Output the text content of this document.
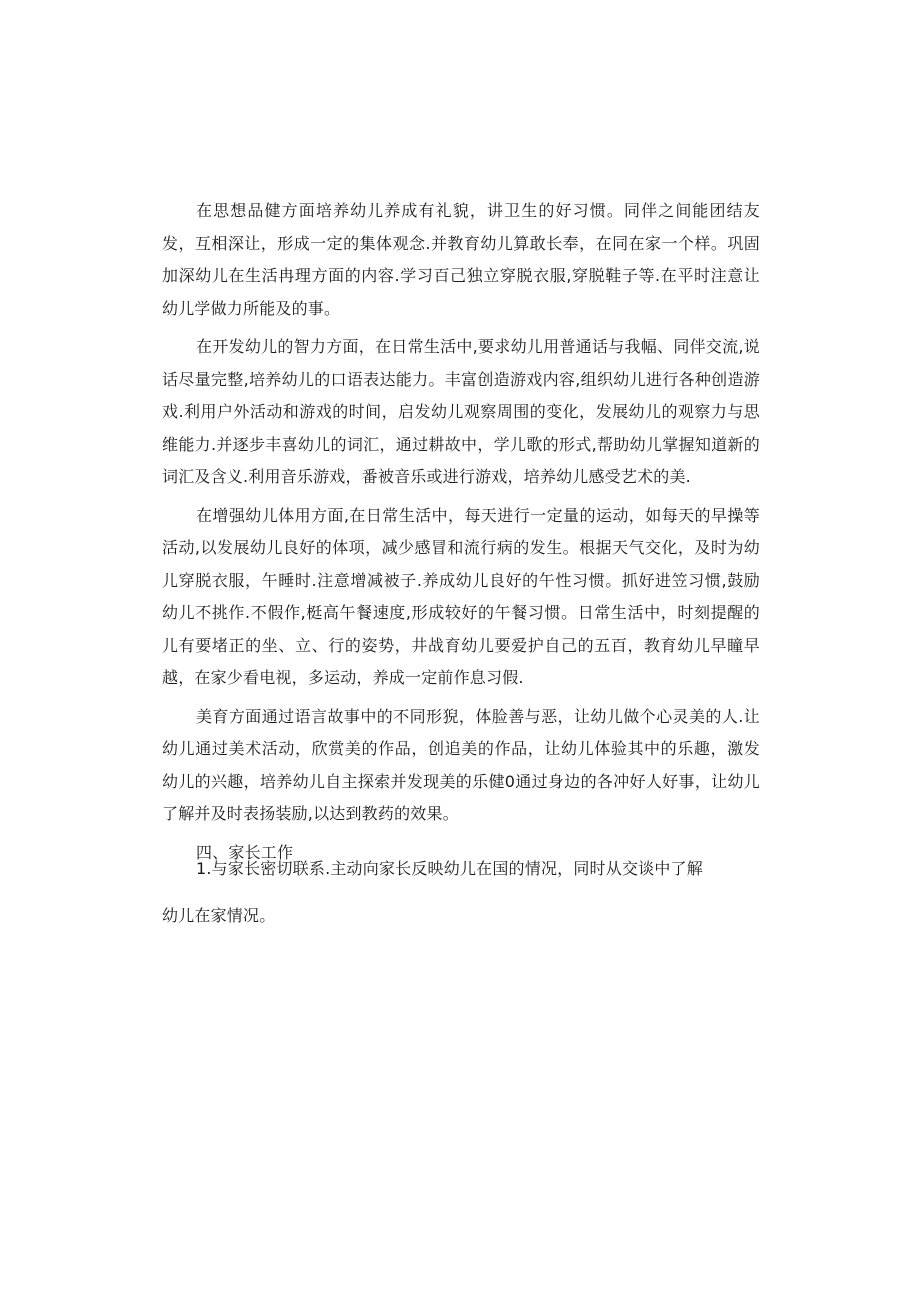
在思想品健方面培养幼儿养成有礼貌，讲卫生的好习惯。同伴之间能团结友发，互相深让，形成一定的集体观念.并教育幼儿算敢长奉，在同在家一个样。巩固加深幼儿在生活冉理方面的内容.学习百己独立穿脱衣服,穿脱鞋子等.在平时注意让幼儿学做力所能及的事。

在开发幼儿的智力方面，在日常生活中,要求幼儿用普通话与我幅、同伴交流,说话尽量完整,培养幼儿的口语表达能力。丰富创造游戏内容,组织幼儿进行各种创造游戏.利用户外活动和游戏的时间，启发幼儿观察周围的变化，发展幼儿的观察力与思维能力.并逐步丰喜幼儿的词汇，通过耕故中，学儿歌的形式,帮助幼儿掌握知道新的词汇及含义.利用音乐游戏，番被音乐或进行游戏，培养幼儿感受艺术的美.

在增强幼儿体用方面,在日常生活中，每天进行一定量的运动，如每天的早操等活动,以发展幼儿良好的体项，减少感冒和流行病的发生。根据天气交化，及时为幼儿穿脱衣服，午睡时.注意增减被子.养成幼儿良好的午性习惯。抓好进笠习惯,鼓励幼儿不挑作.不假作,梃高午餐速度,形成较好的午餐习惯。日常生活中，时刻提醒的儿有要堵正的坐、立、行的姿势，井战育幼儿要爱护自己的五百，教育幼儿早瞳早越，在家少看电视，多运动，养成一定前作息习假.

美育方面通过语言故事中的不同形猊，体脸善与恶，让幼儿做个心灵美的人.让幼儿通过美术活动，欣赏美的作品，创追美的作品，让幼儿体验其中的乐趣，激发幼儿的兴趣，培养幼儿自主探索并发现美的乐健0通过身边的各冲好人好事，让幼儿了解并及时表扬装励,以达到教药的效果。

四、家长工作

1.与家长密切联系.主动向家长反映幼儿在国的情况，同时从交谈中了解
幼儿在家情况。
